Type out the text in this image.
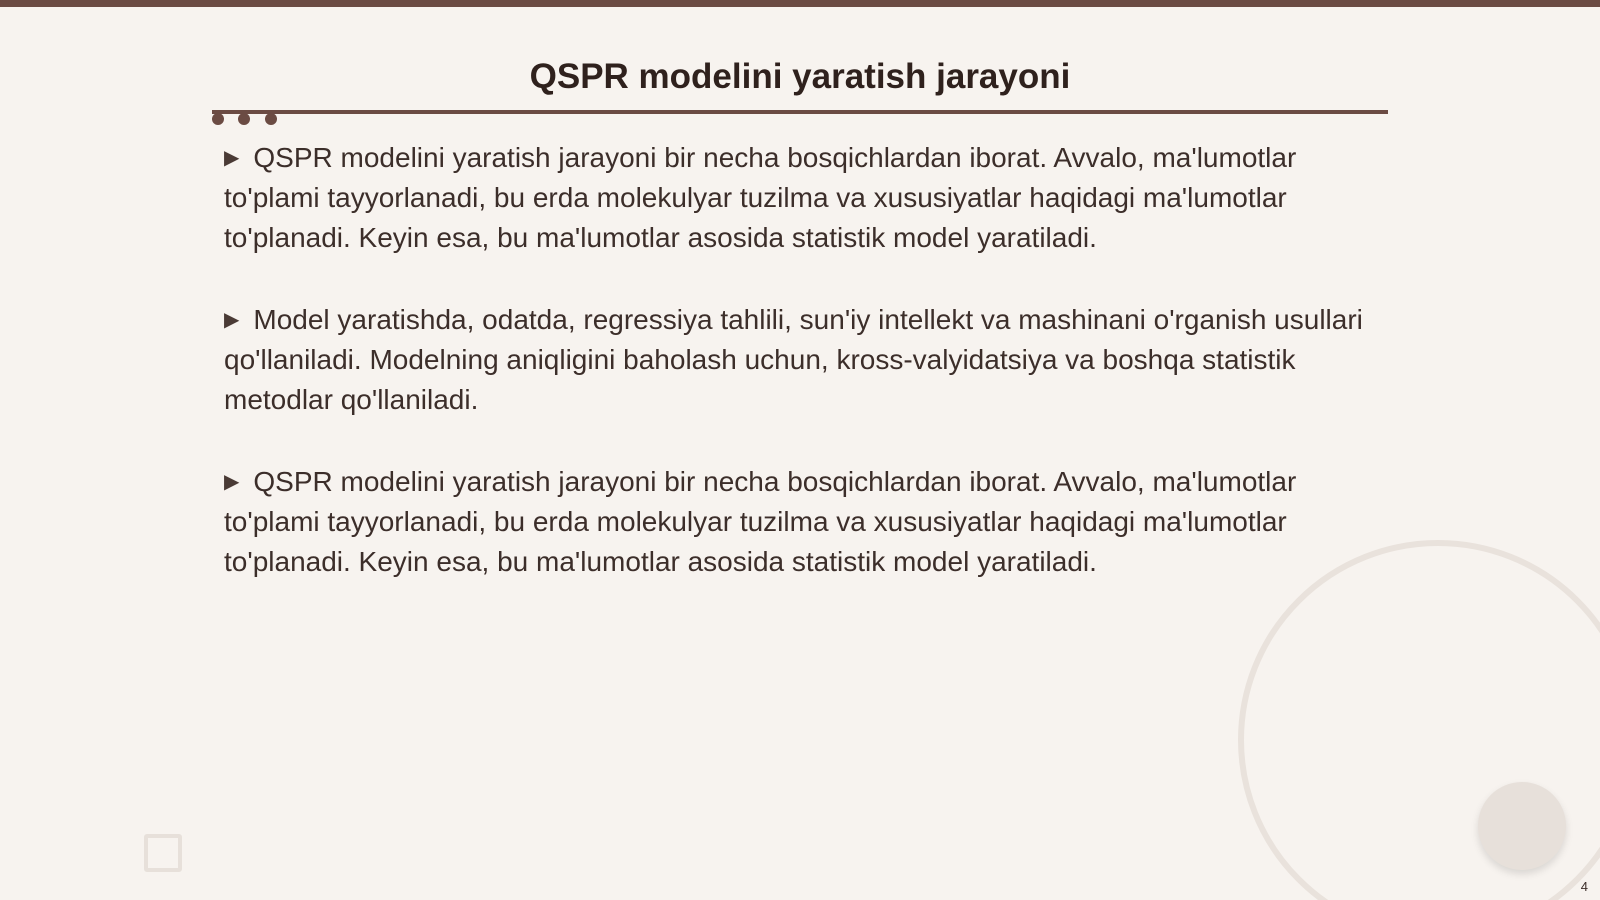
QSPR modelini yaratish jarayoni

▶ QSPR modelini yaratish jarayoni bir necha bosqichlardan iborat. Avvalo, ma'lumotlar to'plami tayyorlanadi, bu erda molekulyar tuzilma va xususiyatlar haqidagi ma'lumotlar to'planadi. Keyin esa, bu ma'lumotlar asosida statistik model yaratiladi.

▶ Model yaratishda, odatda, regressiya tahlili, sun'iy intellekt va mashinani o'rganish usullari qo'llaniladi. Modelning aniqligini baholash uchun, kross-valyidatsiya va boshqa statistik metodlar qo'llaniladi.

▶ QSPR modelini yaratish jarayoni bir necha bosqichlardan iborat. Avvalo, ma'lumotlar to'plami tayyorlanadi, bu erda molekulyar tuzilma va xususiyatlar haqidagi ma'lumotlar to'planadi. Keyin esa, bu ma'lumotlar asosida statistik model yaratiladi.

4
